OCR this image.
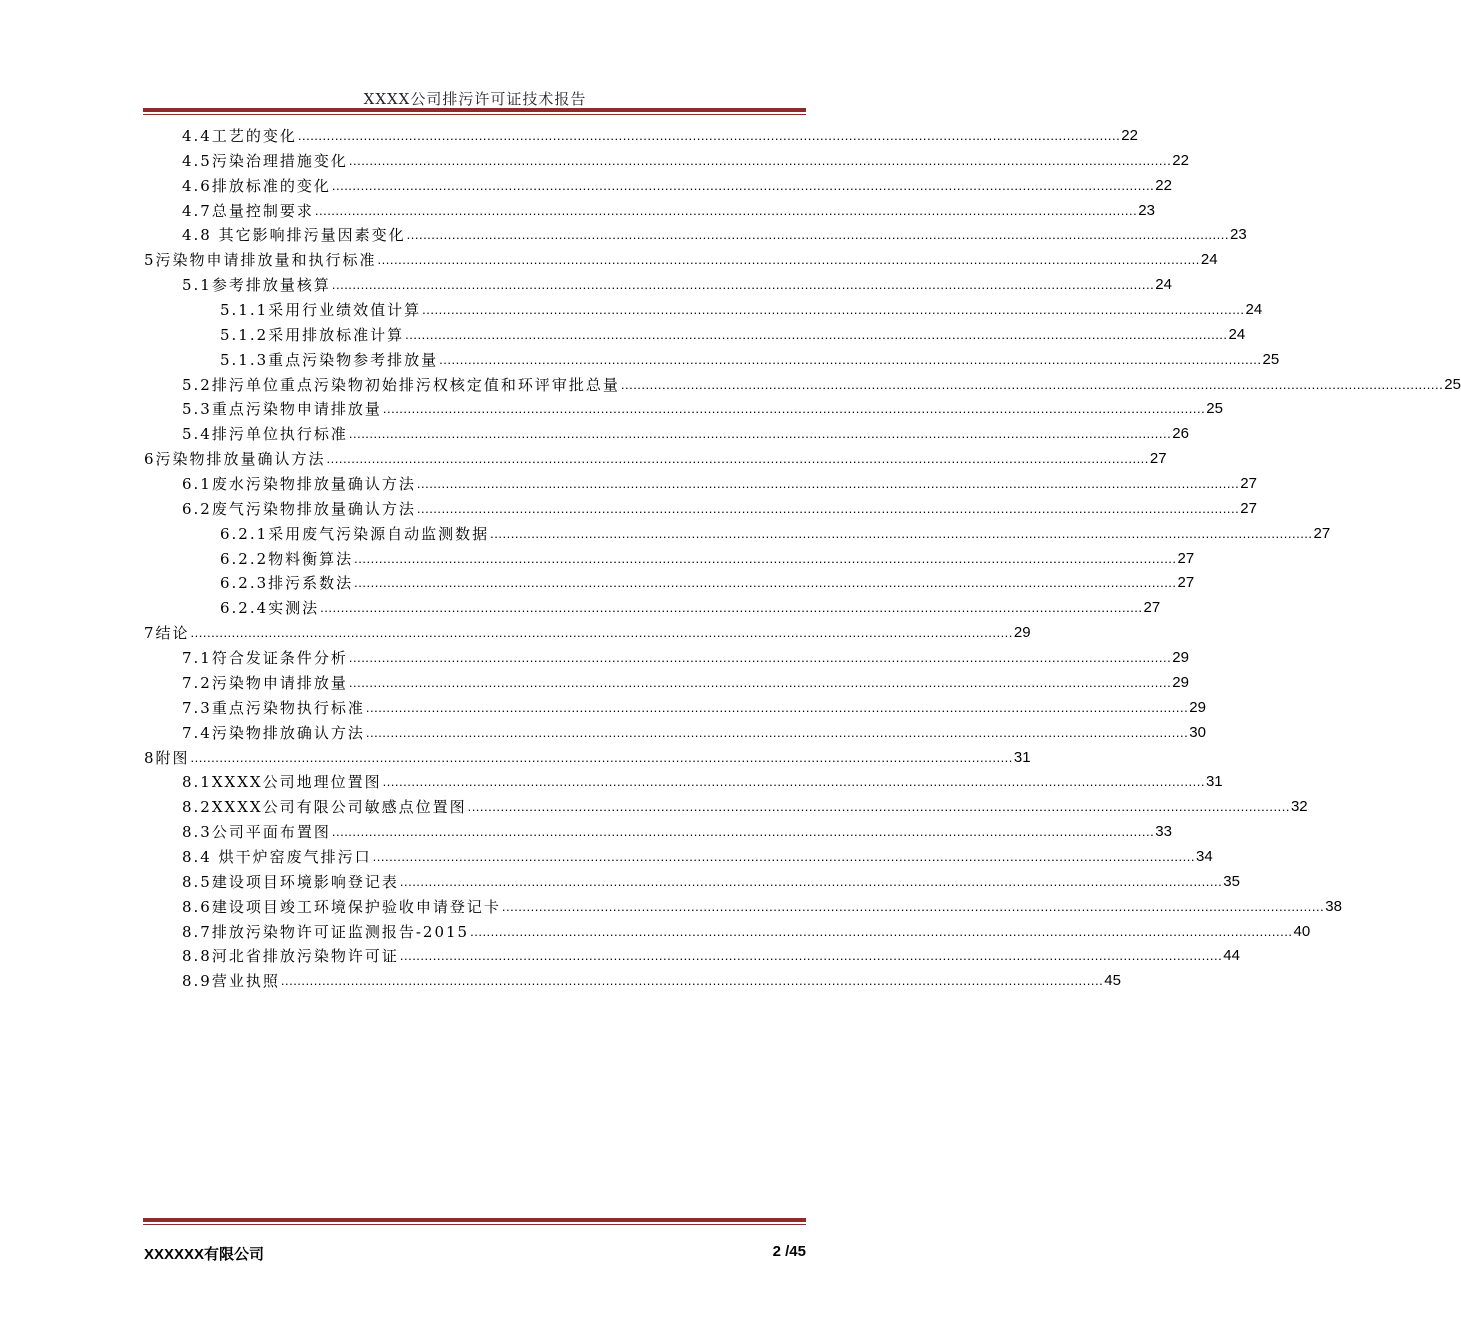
XXXX公司排污许可证技术报告
4.4工艺的变化 ........................................................................................................................................................................................................ 22
4.5污染治理措施变化 ........................................................................................................................................................................................................ 22
4.6排放标准的变化 ........................................................................................................................................................................................................ 22
4.7总量控制要求 ........................................................................................................................................................................................................ 23
4.8 其它影响排污量因素变化 ........................................................................................................................................................................................................ 23
5污染物申请排放量和执行标准 ........................................................................................................................................................................................................ 24
5.1参考排放量核算 ........................................................................................................................................................................................................ 24
5.1.1采用行业绩效值计算 ........................................................................................................................................................................................................ 24
5.1.2采用排放标准计算 ........................................................................................................................................................................................................ 24
5.1.3重点污染物参考排放量 ........................................................................................................................................................................................................ 25
5.2排污单位重点污染物初始排污权核定值和环评审批总量 ........................................................................................................................................................................................................ 25
5.3重点污染物申请排放量 ........................................................................................................................................................................................................ 25
5.4排污单位执行标准 ........................................................................................................................................................................................................ 26
6污染物排放量确认方法 ........................................................................................................................................................................................................ 27
6.1废水污染物排放量确认方法 ........................................................................................................................................................................................................ 27
6.2废气污染物排放量确认方法 ........................................................................................................................................................................................................ 27
6.2.1采用废气污染源自动监测数据 ........................................................................................................................................................................................................ 27
6.2.2物料衡算法 ........................................................................................................................................................................................................ 27
6.2.3排污系数法 ........................................................................................................................................................................................................ 27
6.2.4实测法 ........................................................................................................................................................................................................ 27
7结论 ........................................................................................................................................................................................................ 29
7.1符合发证条件分析 ........................................................................................................................................................................................................ 29
7.2污染物申请排放量 ........................................................................................................................................................................................................ 29
7.3重点污染物执行标准 ........................................................................................................................................................................................................ 29
7.4污染物排放确认方法 ........................................................................................................................................................................................................ 30
8附图 ........................................................................................................................................................................................................ 31
8.1XXXX公司地理位置图 ........................................................................................................................................................................................................ 31
8.2XXXX公司有限公司敏感点位置图 ........................................................................................................................................................................................................ 32
8.3公司平面布置图 ........................................................................................................................................................................................................ 33
8.4 烘干炉窑废气排污口 ........................................................................................................................................................................................................ 34
8.5建设项目环境影响登记表 ........................................................................................................................................................................................................ 35
8.6建设项目竣工环境保护验收申请登记卡 ........................................................................................................................................................................................................ 38
8.7排放污染物许可证监测报告-2015 ........................................................................................................................................................................................................ 40
8.8河北省排放污染物许可证 ........................................................................................................................................................................................................ 44
8.9营业执照 ........................................................................................................................................................................................................ 45
XXXXXX有限公司	2 /45
